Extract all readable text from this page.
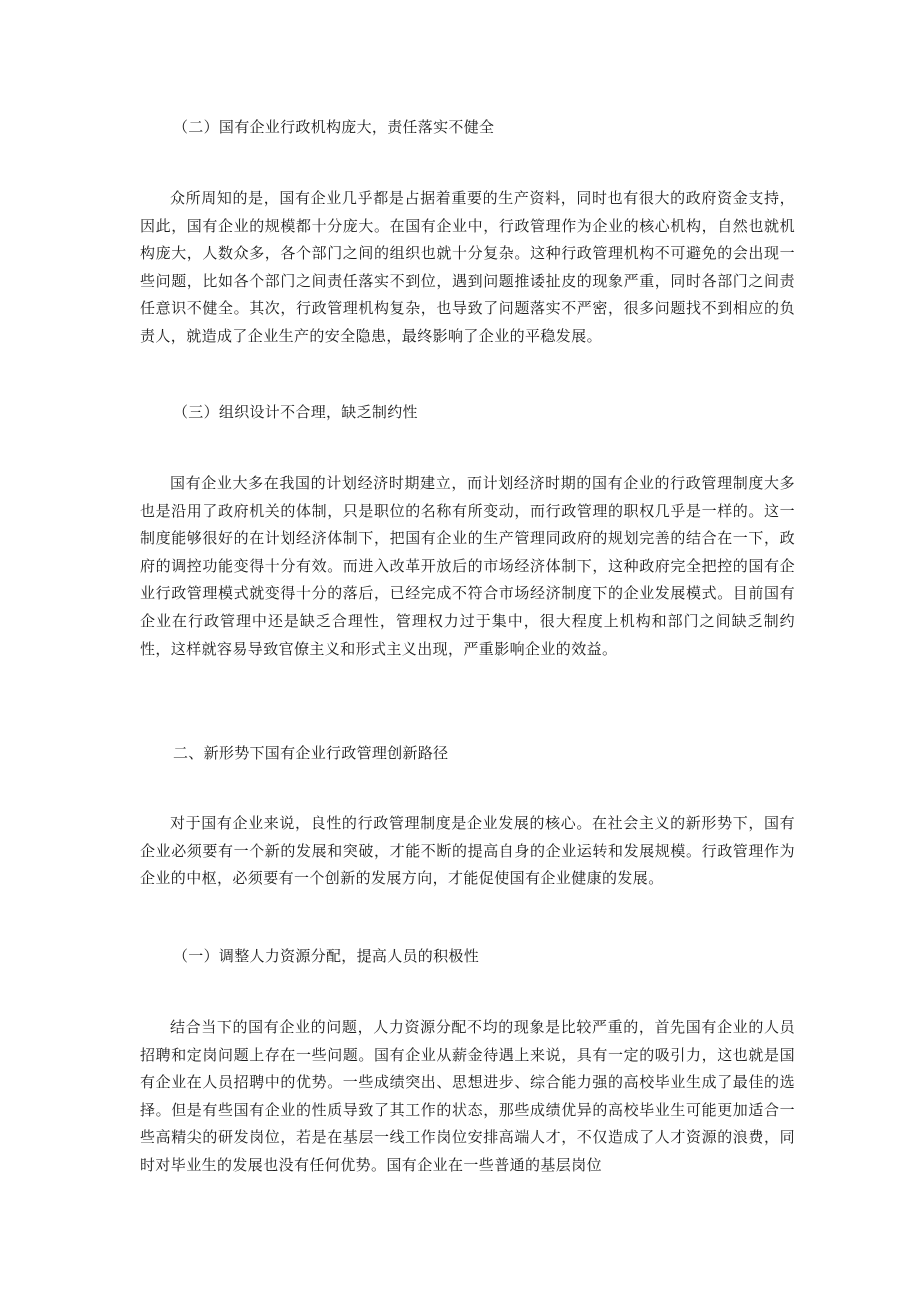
（二）国有企业行政机构庞大，责任落实不健全
众所周知的是，国有企业几乎都是占据着重要的生产资料，同时也有很大的政府资金支持，因此，国有企业的规模都十分庞大。在国有企业中，行政管理作为企业的核心机构，自然也就机构庞大，人数众多，各个部门之间的组织也就十分复杂。这种行政管理机构不可避免的会出现一些问题，比如各个部门之间责任落实不到位，遇到问题推诿扯皮的现象严重，同时各部门之间责任意识不健全。其次，行政管理机构复杂，也导致了问题落实不严密，很多问题找不到相应的负责人，就造成了企业生产的安全隐患，最终影响了企业的平稳发展。
（三）组织设计不合理，缺乏制约性
国有企业大多在我国的计划经济时期建立，而计划经济时期的国有企业的行政管理制度大多也是沿用了政府机关的体制，只是职位的名称有所变动，而行政管理的职权几乎是一样的。这一制度能够很好的在计划经济体制下，把国有企业的生产管理同政府的规划完善的结合在一下，政府的调控功能变得十分有效。而进入改革开放后的市场经济体制下，这种政府完全把控的国有企业行政管理模式就变得十分的落后，已经完成不符合市场经济制度下的企业发展模式。目前国有企业在行政管理中还是缺乏合理性，管理权力过于集中，很大程度上机构和部门之间缺乏制约性，这样就容易导致官僚主义和形式主义出现，严重影响企业的效益。
二、新形势下国有企业行政管理创新路径
对于国有企业来说，良性的行政管理制度是企业发展的核心。在社会主义的新形势下，国有企业必须要有一个新的发展和突破，才能不断的提高自身的企业运转和发展规模。行政管理作为企业的中枢，必须要有一个创新的发展方向，才能促使国有企业健康的发展。
（一）调整人力资源分配，提高人员的积极性
结合当下的国有企业的问题，人力资源分配不均的现象是比较严重的，首先国有企业的人员招聘和定岗问题上存在一些问题。国有企业从薪金待遇上来说，具有一定的吸引力，这也就是国有企业在人员招聘中的优势。一些成绩突出、思想进步、综合能力强的高校毕业生成了最佳的选择。但是有些国有企业的性质导致了其工作的状态，那些成绩优异的高校毕业生可能更加适合一些高精尖的研发岗位，若是在基层一线工作岗位安排高端人才，不仅造成了人才资源的浪费，同时对毕业生的发展也没有任何优势。国有企业在一些普通的基层岗位
